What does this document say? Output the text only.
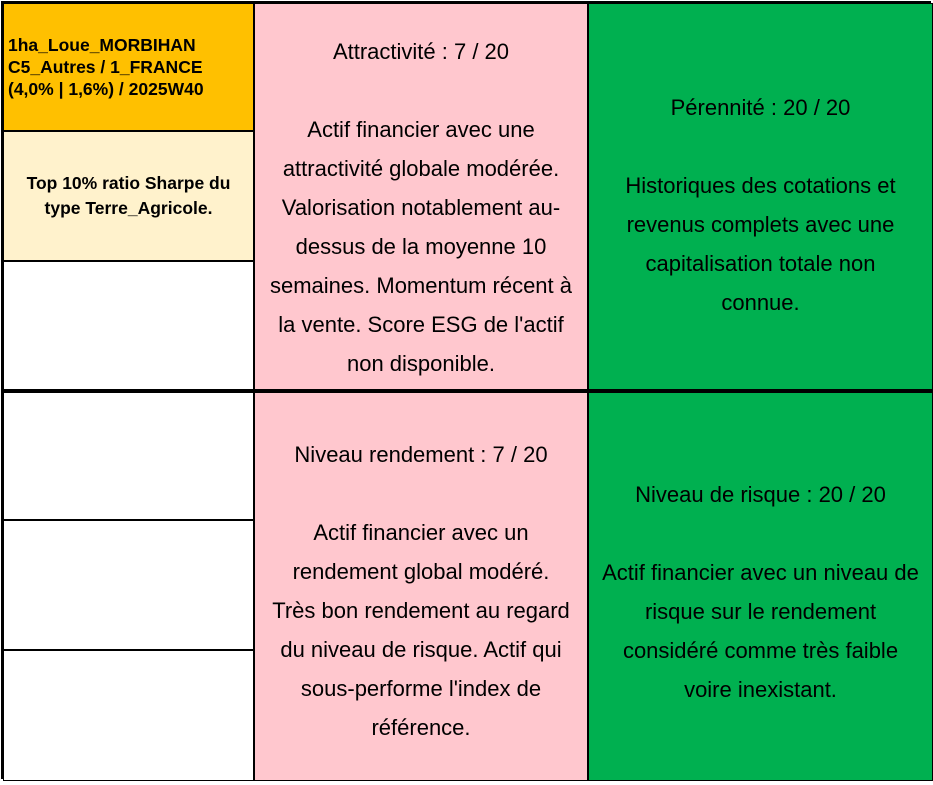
1ha_Loue_MORBIHAN
C5_Autres / 1_FRANCE
(4,0% | 1,6%) / 2025W40
Top 10% ratio Sharpe du type Terre_Agricole.
Attractivité : 7 / 20
Actif financier avec une
attractivité globale modérée.
Valorisation notablement au-
dessus de la moyenne 10
semaines. Momentum récent à
la vente. Score ESG de l'actif
non disponible.
Pérennité : 20 / 20
Historiques des cotations et
revenus complets avec une
capitalisation totale non
connue.
Niveau rendement : 7 / 20
Actif financier avec un
rendement global modéré.
Très bon rendement au regard
du niveau de risque. Actif qui
sous-performe l'index de
référence.
Niveau de risque : 20 / 20
Actif financier avec un niveau de
risque sur le rendement
considéré comme très faible
voire inexistant.
